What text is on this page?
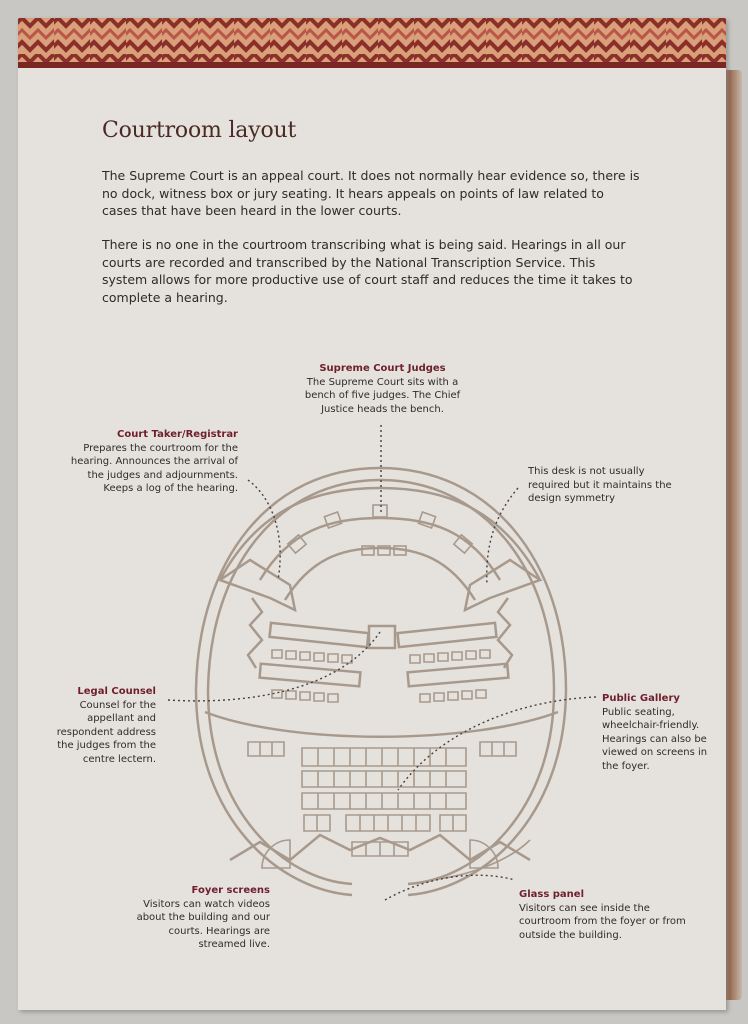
Courtroom layout

The Supreme Court is an appeal court. It does not normally hear evidence so, there is no dock, witness box or jury seating. It hears appeals on points of law related to cases that have been heard in the lower courts.

There is no one in the courtroom transcribing what is being said. Hearings in all our courts are recorded and transcribed by the National Transcription Service. This system allows for more productive use of court staff and reduces the time it takes to complete a hearing.

Supreme Court Judges
The Supreme Court sits with a bench of five judges. The Chief Justice heads the bench.
Court Taker/Registrar
Prepares the courtroom for the hearing. Announces the arrival of the judges and adjournments. Keeps a log of the hearing.
This desk is not usually required but it maintains the design symmetry
Legal Counsel
Counsel for the appellant and respondent address the judges from the centre lectern.
Public Gallery
Public seating, wheelchair-friendly. Hearings can also be viewed on screens in the foyer.
Foyer screens
Visitors can watch videos about the building and our courts. Hearings are streamed live.
Glass panel
Visitors can see inside the courtroom from the foyer or from outside the building.
